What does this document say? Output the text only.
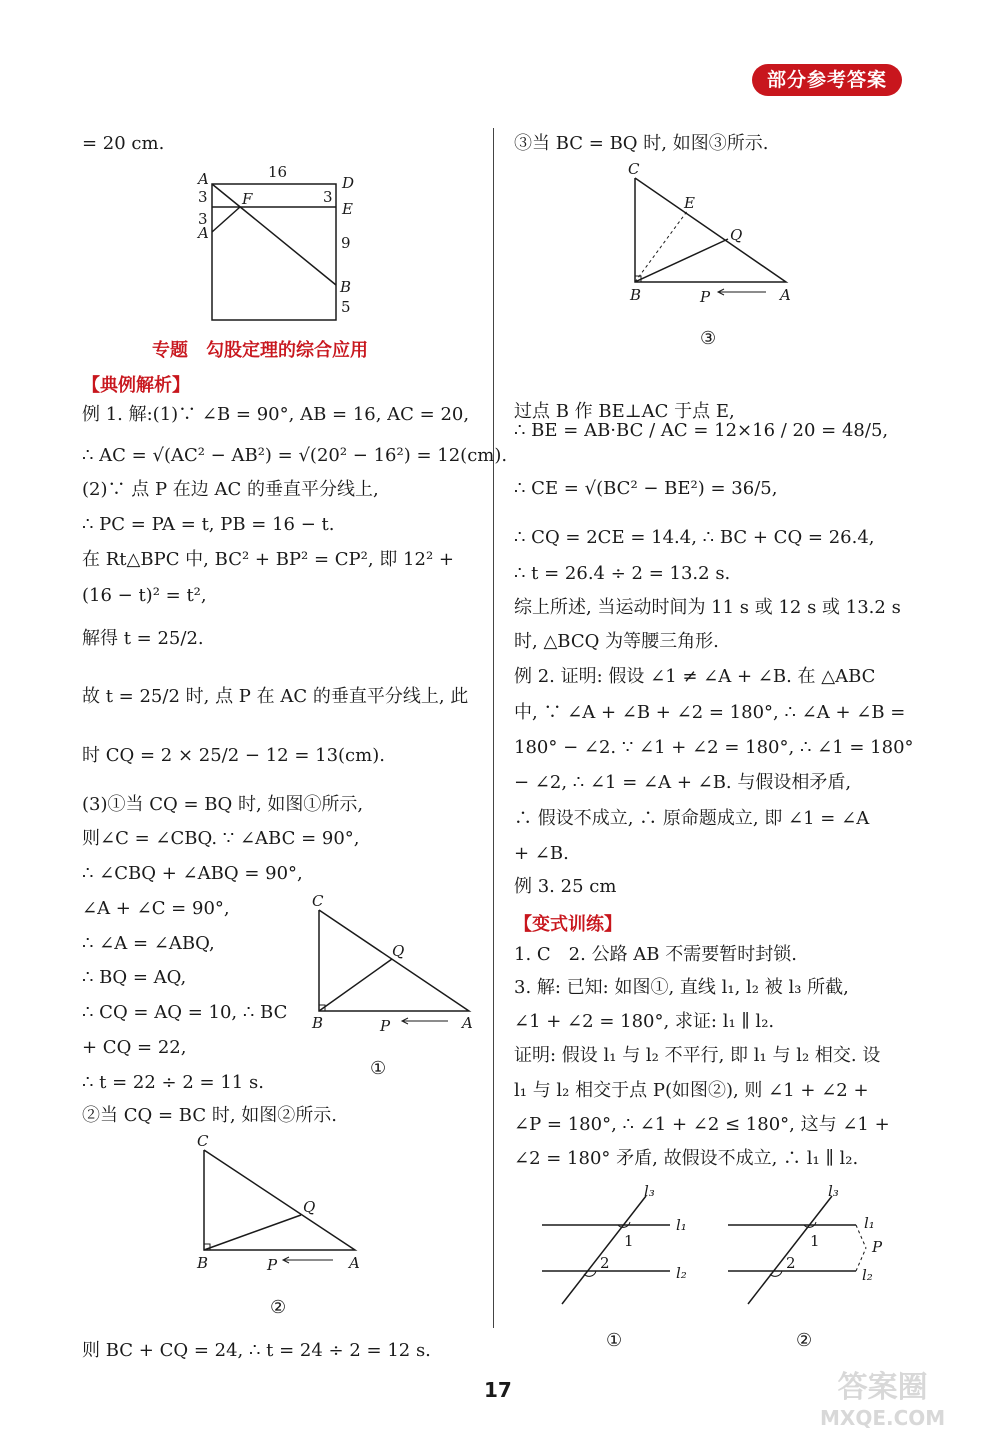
部分参考答案
= 20 cm.
A	D
F
E
B
A
16
3
3
3
9
5
专题　勾股定理的综合应用
【典例解析】
例 1. 解:(1)∵ ∠B = 90°, AB = 16, AC = 20,
∴ AC = √(AC² − AB²) = √(20² − 16²) = 12(cm).
(2)∵ 点 P 在边 AC 的垂直平分线上,
∴ PC = PA = t, PB = 16 − t.
在 Rt△BPC 中, BC² + BP² = CP², 即 12² +
(16 − t)² = t²,
解得 t = 25/2.
故 t = 25/2 时, 点 P 在 AC 的垂直平分线上, 此
时 CQ = 2 × 25/2 − 12 = 13(cm).
(3)①当 CQ = BQ 时, 如图①所示,
则∠C = ∠CBQ. ∵ ∠ABC = 90°,
∴ ∠CBQ + ∠ABQ = 90°,
∠A + ∠C = 90°,
∴ ∠A = ∠ABQ,
∴ BQ = AQ,
∴ CQ = AQ = 10, ∴ BC
+ CQ = 22,
∴ t = 22 ÷ 2 = 11 s.
②当 CQ = BC 时, 如图②所示.
则 BC + CQ = 24, ∴ t = 24 ÷ 2 = 12 s.
C
Q
B	P	A
①
C
Q
B	P	A
②
③当 BC = BQ 时, 如图③所示.
C
E
Q
B	P	A
③
过点 B 作 BE⊥AC 于点 E,
∴ BE = AB·BC / AC = 12×16 / 20 = 48/5,
∴ CE = √(BC² − BE²) = 36/5,
∴ CQ = 2CE = 14.4, ∴ BC + CQ = 26.4,
∴ t = 26.4 ÷ 2 = 13.2 s.
综上所述, 当运动时间为 11 s 或 12 s 或 13.2 s
时, △BCQ 为等腰三角形.
例 2. 证明: 假设 ∠1 ≠ ∠A + ∠B. 在 △ABC
中, ∵ ∠A + ∠B + ∠2 = 180°, ∴ ∠A + ∠B =
180° − ∠2. ∵ ∠1 + ∠2 = 180°, ∴ ∠1 = 180°
− ∠2, ∴ ∠1 = ∠A + ∠B. 与假设相矛盾,
∴ 假设不成立, ∴ 原命题成立, 即 ∠1 = ∠A
+ ∠B.
例 3. 25 cm
【变式训练】
1. C　2. 公路 AB 不需要暂时封锁.
3. 解: 已知: 如图①, 直线 l₁, l₂ 被 l₃ 所截,
∠1 + ∠2 = 180°, 求证: l₁ ∥ l₂.
证明: 假设 l₁ 与 l₂ 不平行, 即 l₁ 与 l₂ 相交. 设
l₁ 与 l₂ 相交于点 P(如图②), 则 ∠1 + ∠2 +
∠P = 180°, ∴ ∠1 + ∠2 ≤ 180°, 这与 ∠1 +
∠2 = 180° 矛盾, 故假设不成立, ∴ l₁ ∥ l₂.
l₃
l₁
l₂
1
2
①
l₃
l₁
P
l₂
1
2
②
17	答案圈
MXQE.COM
